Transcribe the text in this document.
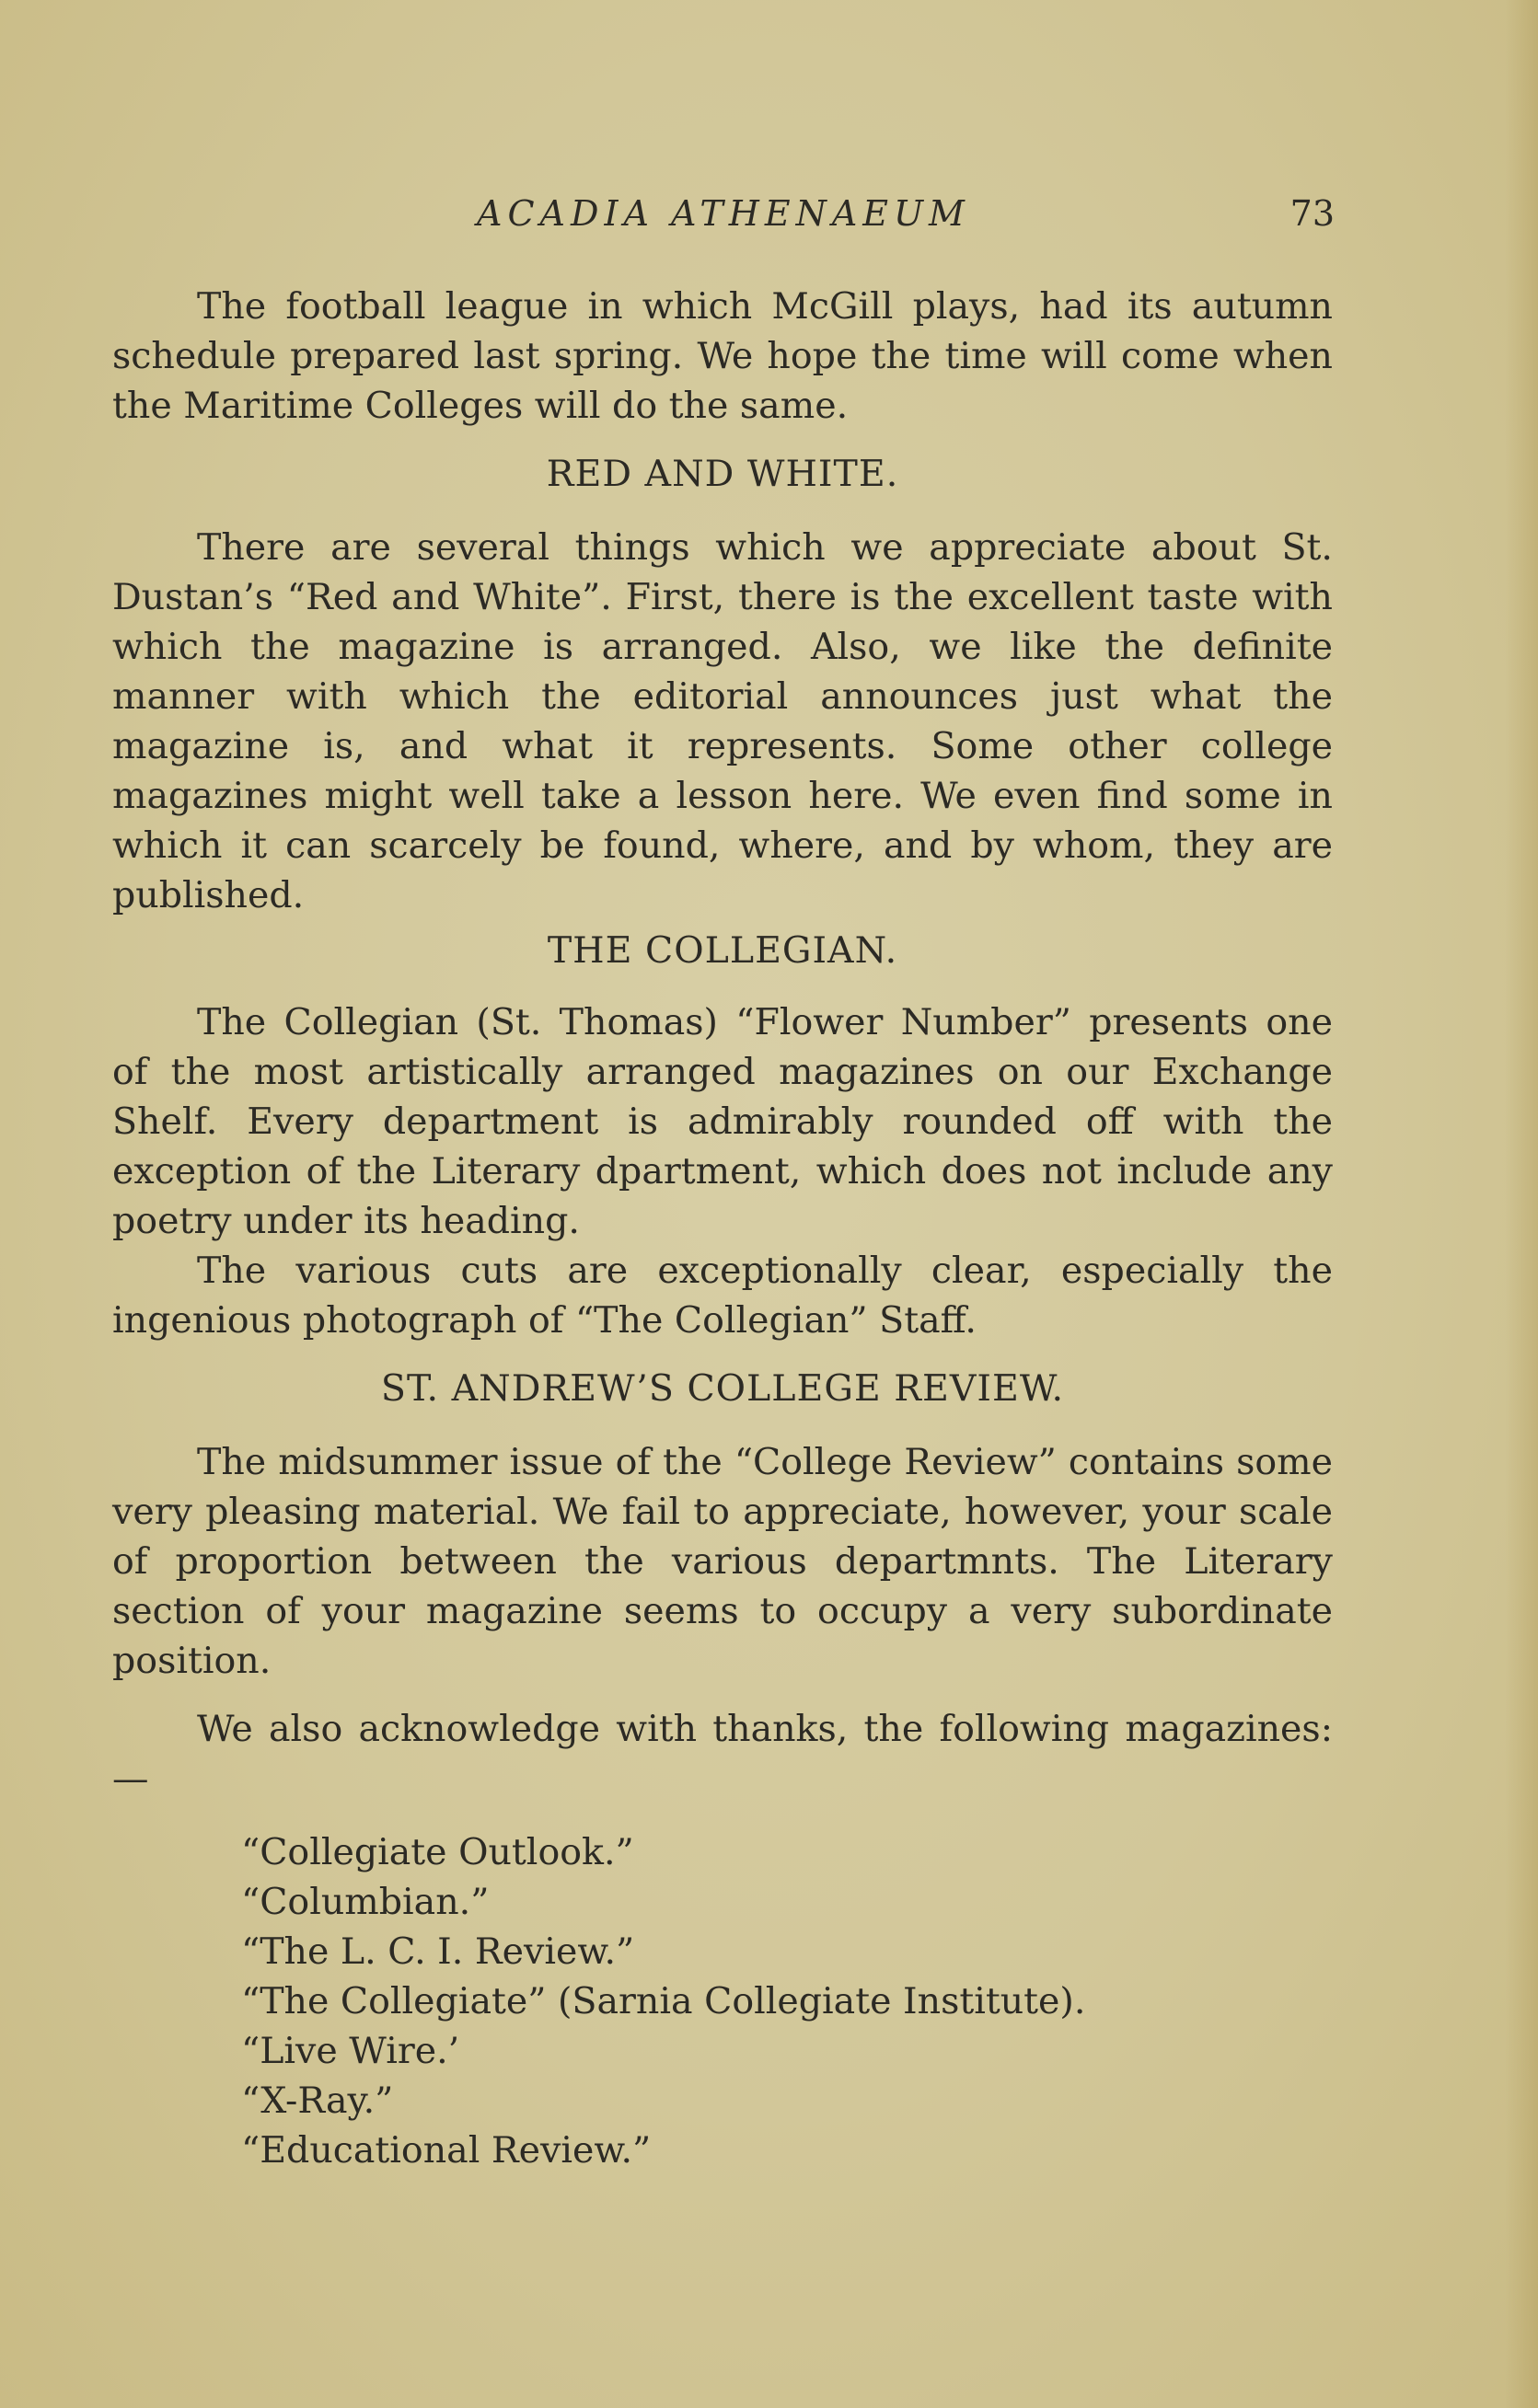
ACADIA ATHENAEUM	73

The football league in which McGill plays, had its autumn schedule prepared last spring. We hope the time will come when the Maritime Colleges will do the same.

RED AND WHITE.

There are several things which we appreciate about St. Dustan’s “Red and White”. First, there is the excellent taste with which the magazine is arranged. Also, we like the definite manner with which the editorial announces just what the magazine is, and what it represents. Some other college magazines might well take a lesson here. We even find some in which it can scarcely be found, where, and by whom, they are published.

THE COLLEGIAN.

The Collegian (St. Thomas) “Flower Number” presents one of the most artistically arranged magazines on our Exchange Shelf. Every department is admirably rounded off with the exception of the Literary dpartment, which does not include any poetry under its heading.

The various cuts are exceptionally clear, especially the ingenious photograph of “The Collegian” Staff.

ST. ANDREW’S COLLEGE REVIEW.

The midsummer issue of the “College Review” contains some very pleasing material. We fail to appreciate, however, your scale of proportion between the various departmnts. The Literary section of your magazine seems to occupy a very subordinate position.

We also acknowledge with thanks, the following magazines:—

“Collegiate Outlook.”
“Columbian.”
“The L. C. I. Review.”
“The Collegiate” (Sarnia Collegiate Institute).
“Live Wire.’
“X-Ray.”
“Educational Review.”
